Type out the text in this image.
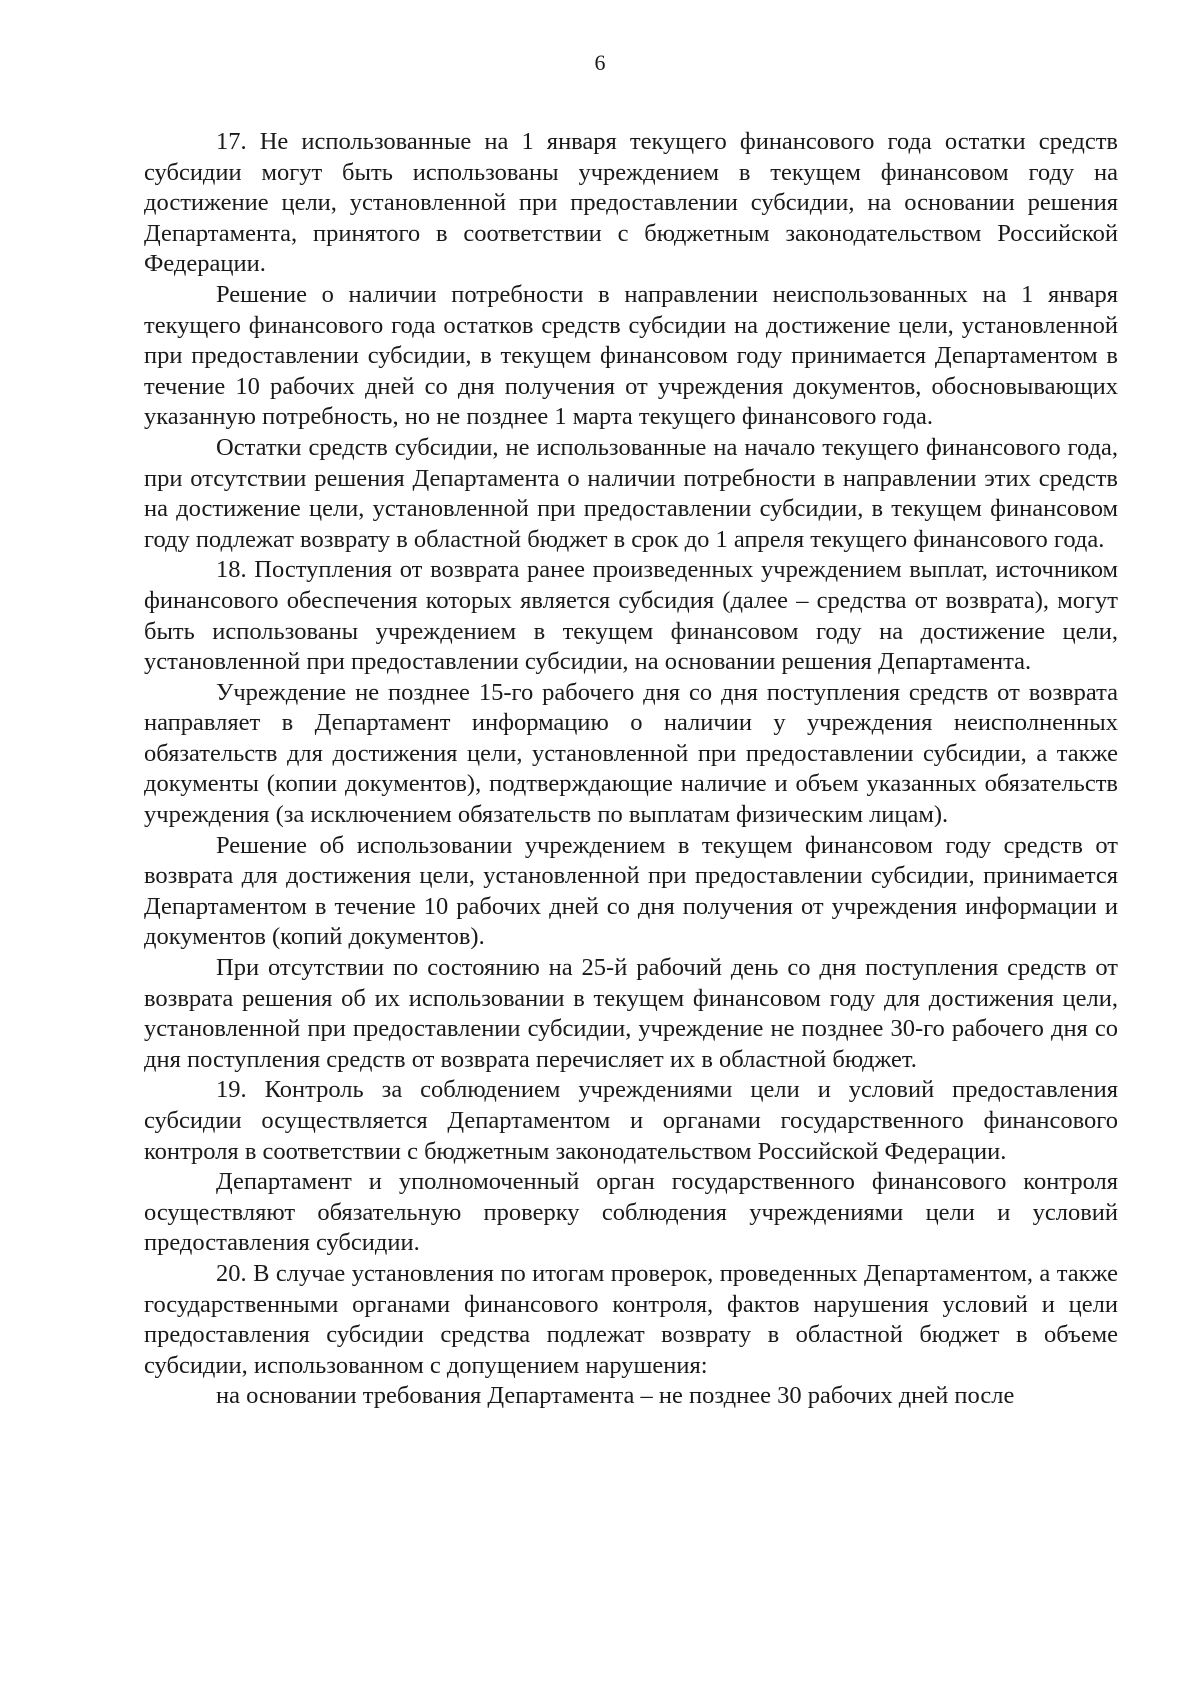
6

17. Не использованные на 1 января текущего финансового года остатки средств субсидии могут быть использованы учреждением в текущем финансовом году на достижение цели, установленной при предоставлении субсидии, на основании решения Департамента, принятого в соответствии с бюджетным законодательством Российской Федерации.

Решение о наличии потребности в направлении неиспользованных на 1 января текущего финансового года остатков средств субсидии на достижение цели, установленной при предоставлении субсидии, в текущем финансовом году принимается Департаментом в течение 10 рабочих дней со дня получения от учреждения документов, обосновывающих указанную потребность, но не позднее 1 марта текущего финансового года.

Остатки средств субсидии, не использованные на начало текущего финансового года, при отсутствии решения Департамента о наличии потребности в направлении этих средств на достижение цели, установленной при предоставлении субсидии, в текущем финансовом году подлежат возврату в областной бюджет в срок до 1 апреля текущего финансового года.

18. Поступления от возврата ранее произведенных учреждением выплат, источником финансового обеспечения которых является субсидия (далее – средства от возврата), могут быть использованы учреждением в текущем финансовом году на достижение цели, установленной при предоставлении субсидии, на основании решения Департамента.

Учреждение не позднее 15-го рабочего дня со дня поступления средств от возврата направляет в Департамент информацию о наличии у учреждения неисполненных обязательств для достижения цели, установленной при предоставлении субсидии, а также документы (копии документов), подтверждающие наличие и объем указанных обязательств учреждения (за исключением обязательств по выплатам физическим лицам).

Решение об использовании учреждением в текущем финансовом году средств от возврата для достижения цели, установленной при предоставлении субсидии, принимается Департаментом в течение 10 рабочих дней со дня получения от учреждения информации и документов (копий документов).

При отсутствии по состоянию на 25-й рабочий день со дня поступления средств от возврата решения об их использовании в текущем финансовом году для достижения цели, установленной при предоставлении субсидии, учреждение не позднее 30-го рабочего дня со дня поступления средств от возврата перечисляет их в областной бюджет.

19. Контроль за соблюдением учреждениями цели и условий предоставления субсидии осуществляется Департаментом и органами государственного финансового контроля в соответствии с бюджетным законодательством Российской Федерации.

Департамент и уполномоченный орган государственного финансового контроля осуществляют обязательную проверку соблюдения учреждениями цели и условий предоставления субсидии.

20. В случае установления по итогам проверок, проведенных Департаментом, а также государственными органами финансового контроля, фактов нарушения условий и цели предоставления субсидии средства подлежат возврату в областной бюджет в объеме субсидии, использованном с допущением нарушения:

на основании требования Департамента – не позднее 30 рабочих дней после
